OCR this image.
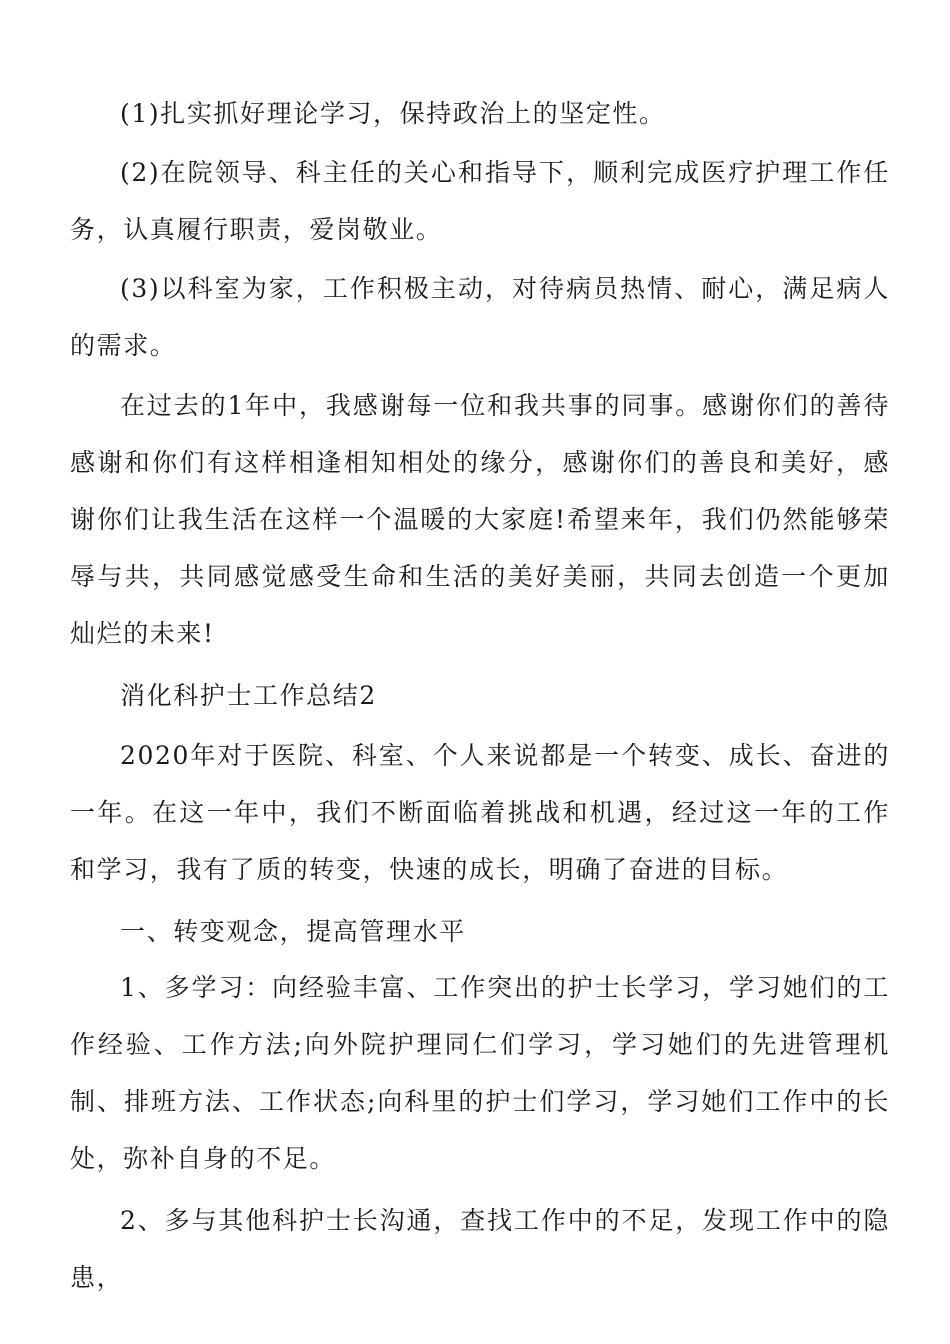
(1)扎实抓好理论学习，保持政治上的坚定性。

(2)在院领导、科主任的关心和指导下，顺利完成医疗护理工作任务，认真履行职责，爱岗敬业。

(3)以科室为家，工作积极主动，对待病员热情、耐心，满足病人的需求。

在过去的1年中，我感谢每一位和我共事的同事。感谢你们的善待感谢和你们有这样相逢相知相处的缘分，感谢你们的善良和美好，感谢你们让我生活在这样一个温暖的大家庭!希望来年，我们仍然能够荣辱与共，共同感觉感受生命和生活的美好美丽，共同去创造一个更加灿烂的未来!

消化科护士工作总结2

2020年对于医院、科室、个人来说都是一个转变、成长、奋进的一年。在这一年中，我们不断面临着挑战和机遇，经过这一年的工作和学习，我有了质的转变，快速的成长，明确了奋进的目标。

一、转变观念，提高管理水平

1、多学习：向经验丰富、工作突出的护士长学习，学习她们的工作经验、工作方法;向外院护理同仁们学习，学习她们的先进管理机制、排班方法、工作状态;向科里的护士们学习，学习她们工作中的长处，弥补自身的不足。

2、多与其他科护士长沟通，查找工作中的不足，发现工作中的隐患，
